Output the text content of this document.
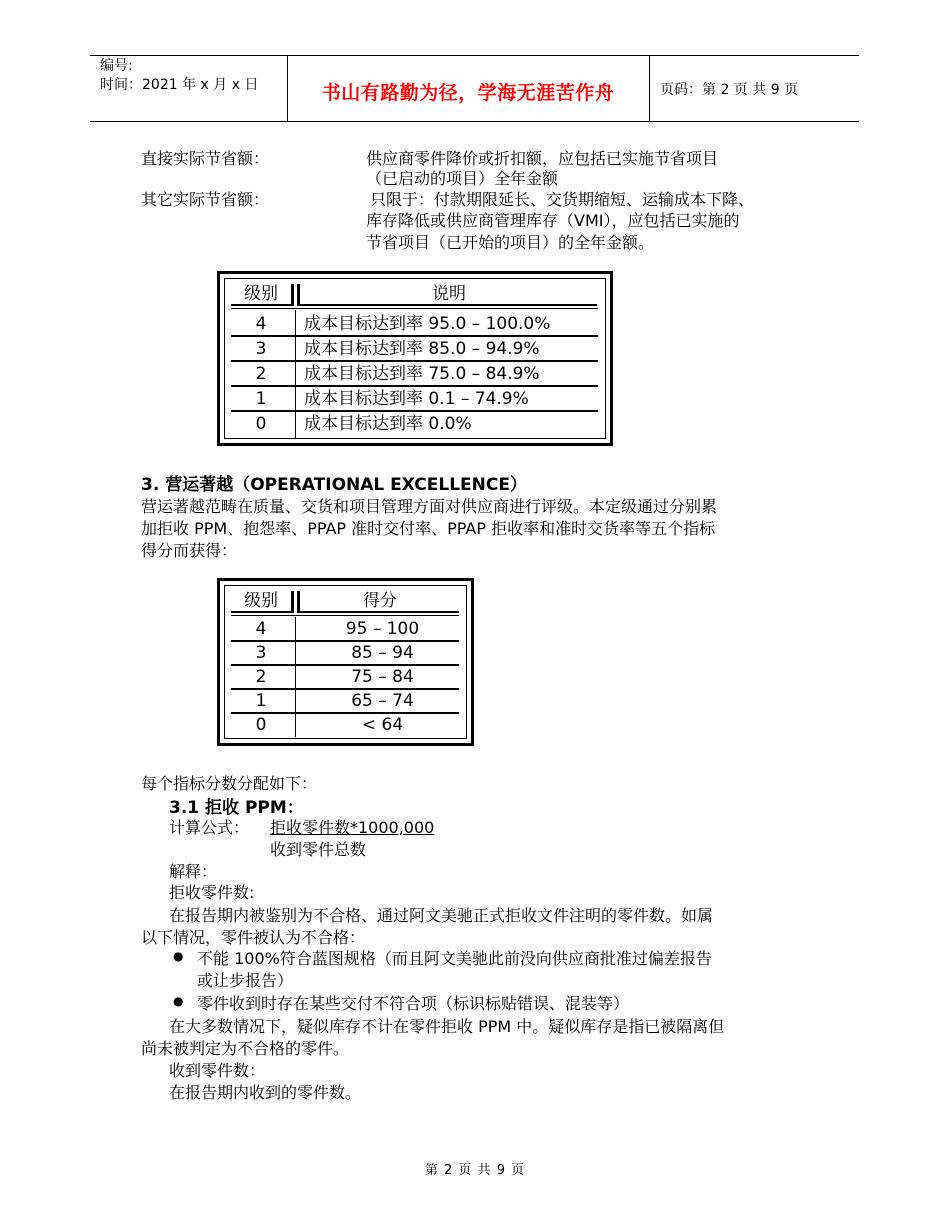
编号:
时间：2021 年 x 月 x 日	书山有路勤为径，学海无涯苦作舟	页码：第 2 页 共 9 页
直接实际节省额：	供应商零件降价或折扣额，应包括已实施节省项目
（已启动的项目）全年金额
其它实际节省额：	只限于：付款期限延长、交货期缩短、运输成本下降、
库存降低或供应商管理库存（VMI），应包括已实施的
节省项目（已开始的项目）的全年金额。
级别	说明
4	成本目标达到率 95.0 – 100.0%
3	成本目标达到率 85.0 – 94.9%
2	成本目标达到率 75.0 – 84.9%
1	成本目标达到率 0.1 – 74.9%
0	成本目标达到率 0.0%
3. 营运著越（OPERATIONAL EXCELLENCE）
营运著越范畴在质量、交货和项目管理方面对供应商进行评级。本定级通过分别累
加拒收 PPM、抱怨率、PPAP 准时交付率、PPAP 拒收率和准时交货率等五个指标
得分而获得：
级别	得分
4	95 – 100
3	85 – 94
2	75 – 84
1	65 – 74
0	< 64
每个指标分数分配如下：
3.1 拒收 PPM：
计算公式： 拒收零件数*1000,000
收到零件总数
解释：
拒收零件数:
在报告期内被鉴别为不合格、通过阿文美驰正式拒收文件注明的零件数。如属
以下情况，零件被认为不合格：
● 不能 100%符合蓝图规格（而且阿文美驰此前没向供应商批准过偏差报告
或让步报告）
● 零件收到时存在某些交付不符合项（标识标贴错误、混装等）
在大多数情况下，疑似库存不计在零件拒收 PPM 中。疑似库存是指已被隔离但
尚未被判定为不合格的零件。
收到零件数：
在报告期内收到的零件数。
第 2 页 共 9 页
